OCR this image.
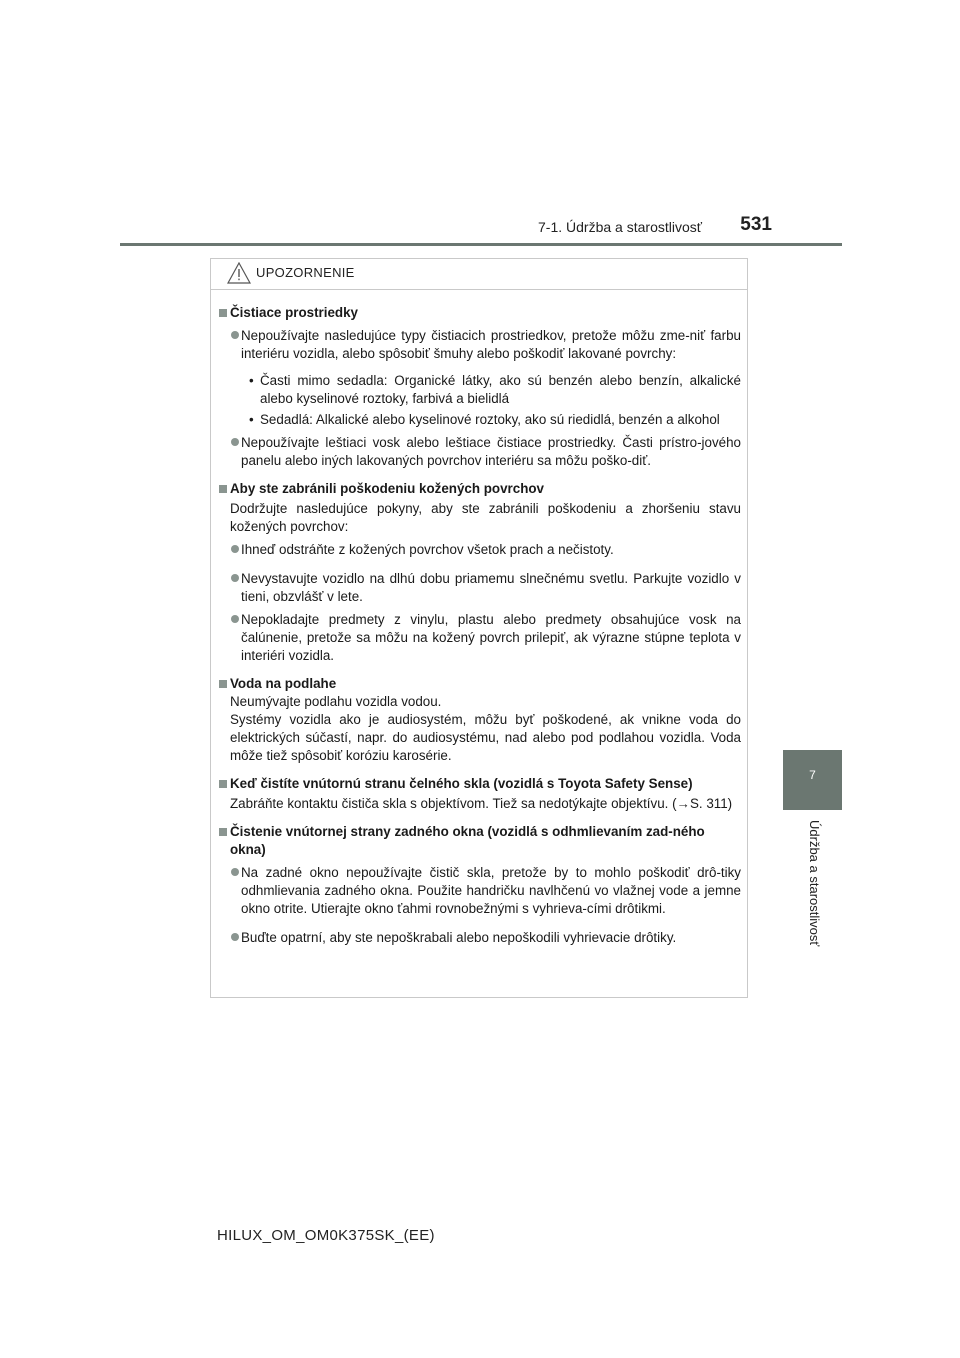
7-1. Údržba a starostlivosť 531
7
Údržba a starostlivosť
UPOZORNENIE
Čistiace prostriedky
Nepoužívajte nasledujúce typy čistiacich prostriedkov, pretože môžu zme-niť farbu interiéru vozidla, alebo spôsobiť šmuhy alebo poškodiť lakované povrchy:
• Časti mimo sedadla: Organické látky, ako sú benzén alebo benzín, alkalické alebo kyselinové roztoky, farbivá a bielidlá
• Sedadlá: Alkalické alebo kyselinové roztoky, ako sú riedidlá, benzén a alkohol
Nepoužívajte leštiaci vosk alebo leštiace čistiace prostriedky. Časti prístro-jového panelu alebo iných lakovaných povrchov interiéru sa môžu poško-diť.
Aby ste zabránili poškodeniu kožených povrchov
Dodržujte nasledujúce pokyny, aby ste zabránili poškodeniu a zhoršeniu stavu kožených povrchov:
Ihneď odstráňte z kožených povrchov všetok prach a nečistoty.
Nevystavujte vozidlo na dlhú dobu priamemu slnečnému svetlu. Parkujte vozidlo v tieni, obzvlášť v lete.
Nepokladajte predmety z vinylu, plastu alebo predmety obsahujúce vosk na čalúnenie, pretože sa môžu na kožený povrch prilepiť, ak výrazne stúpne teplota v interiéri vozidla.
Voda na podlahe
Neumývajte podlahu vozidla vodou.
Systémy vozidla ako je audiosystém, môžu byť poškodené, ak vnikne voda do elektrických súčastí, napr. do audiosystému, nad alebo pod podlahou vozidla. Voda môže tiež spôsobiť koróziu karosérie.
Keď čistíte vnútornú stranu čelného skla (vozidlá s Toyota Safety Sense)
Zabráňte kontaktu čističa skla s objektívom. Tiež sa nedotýkajte objektívu. (→S. 311)
Čistenie vnútornej strany zadného okna (vozidlá s odhmlievaním zad-ného okna)
Na zadné okno nepoužívajte čistič skla, pretože by to mohlo poškodiť drô-tiky odhmlievania zadného okna. Použite handričku navlhčenú vo vlažnej vode a jemne okno otrite. Utierajte okno ťahmi rovnobežnými s vyhrieva-cími drôtikmi.
Buďte opatrní, aby ste nepoškrabali alebo nepoškodili vyhrievacie drôtiky.
HILUX_OM_OM0K375SK_(EE)
